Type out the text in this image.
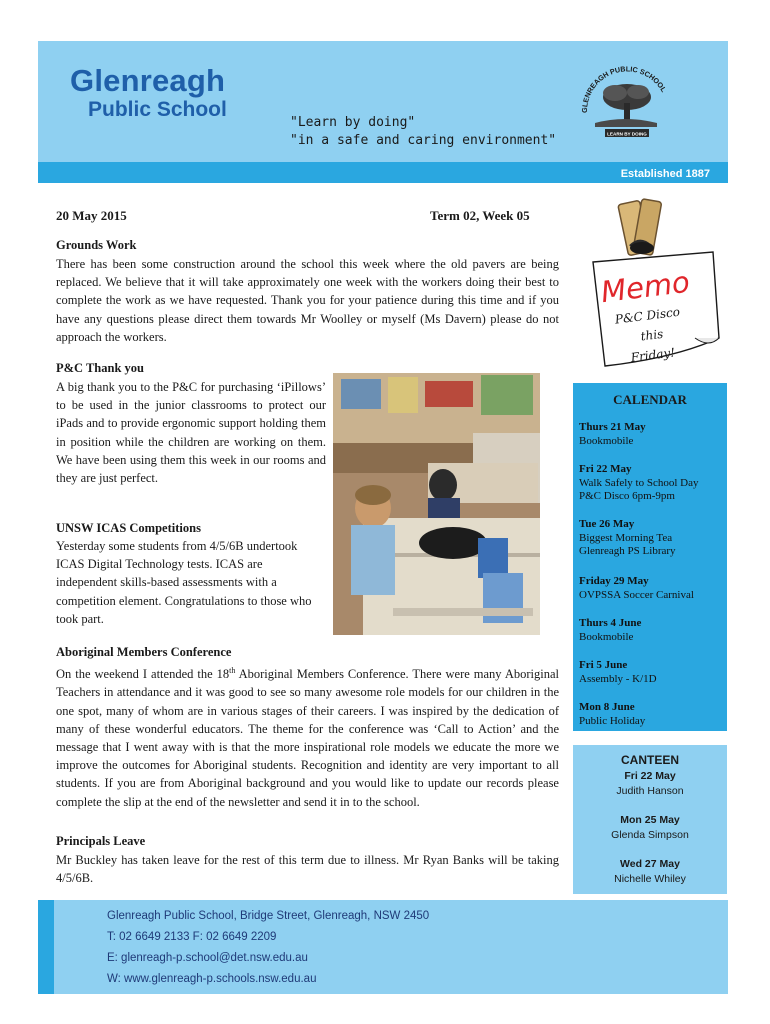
Glenreagh
Public School
"Learn by doing"
"in a safe and caring environment"
GLENREAGH PUBLIC SCHOOL
LEARN BY DOING
Established 1887
20 May 2015	Term 02, Week 05
Grounds Work
There has been some construction around the school this week where the old pavers are being replaced. We believe that it will take approximately one week with the workers doing their best to complete the work as we have requested. Thank you for your patience during this time and if you have any questions please direct them towards Mr Woolley or myself (Ms Davern) please do not approach the workers.
P&C Thank you
A big thank you to the P&C for purchasing ‘iPillows’ to be used in the junior classrooms to protect our iPads and to provide ergonomic support holding them in position while the children are working on them. We have been using them this week in our rooms and they are just perfect.
UNSW ICAS Competitions
Yesterday some students from 4/5/6B undertook ICAS Digital Technology tests. ICAS are independent skills-based assessments with a competition element. Congratulations to those who took part.
Aboriginal Members Conference
On the weekend I attended the 18th Aboriginal Members Conference. There were many Aboriginal Teachers in attendance and it was good to see so many awesome role models for our children in the one spot, many of whom are in various stages of their careers. I was inspired by the dedication of many of these wonderful educators. The theme for the conference was ‘Call to Action’ and the message that I went away with is that the more inspirational role models we educate the more we improve the outcomes for Aboriginal students. Recognition and identity are very important to all students. If you are from Aboriginal background and you would like to update our records please complete the slip at the end of the newsletter and send it in to the school.
Principals Leave
Mr Buckley has taken leave for the rest of this term due to illness. Mr Ryan Banks will be taking 4/5/6B.
Memo
P&C Disco
this
Friday!
CALENDAR
Thurs 21 May
Bookmobile
Fri 22 May
Walk Safely to School Day
P&C Disco 6pm-9pm
Tue 26 May
Biggest Morning Tea
Glenreagh PS Library
Friday 29 May
OVPSSA Soccer Carnival
Thurs 4 June
Bookmobile
Fri 5 June
Assembly - K/1D
Mon 8 June
Public Holiday
CANTEEN
Fri 22 May
Judith Hanson
Mon 25 May
Glenda Simpson
Wed 27 May
Nichelle Whiley
Glenreagh Public School, Bridge Street, Glenreagh, NSW 2450
T: 02 6649 2133 F: 02 6649 2209
E: glenreagh-p.school@det.nsw.edu.au
W: www.glenreagh-p.schools.nsw.edu.au
